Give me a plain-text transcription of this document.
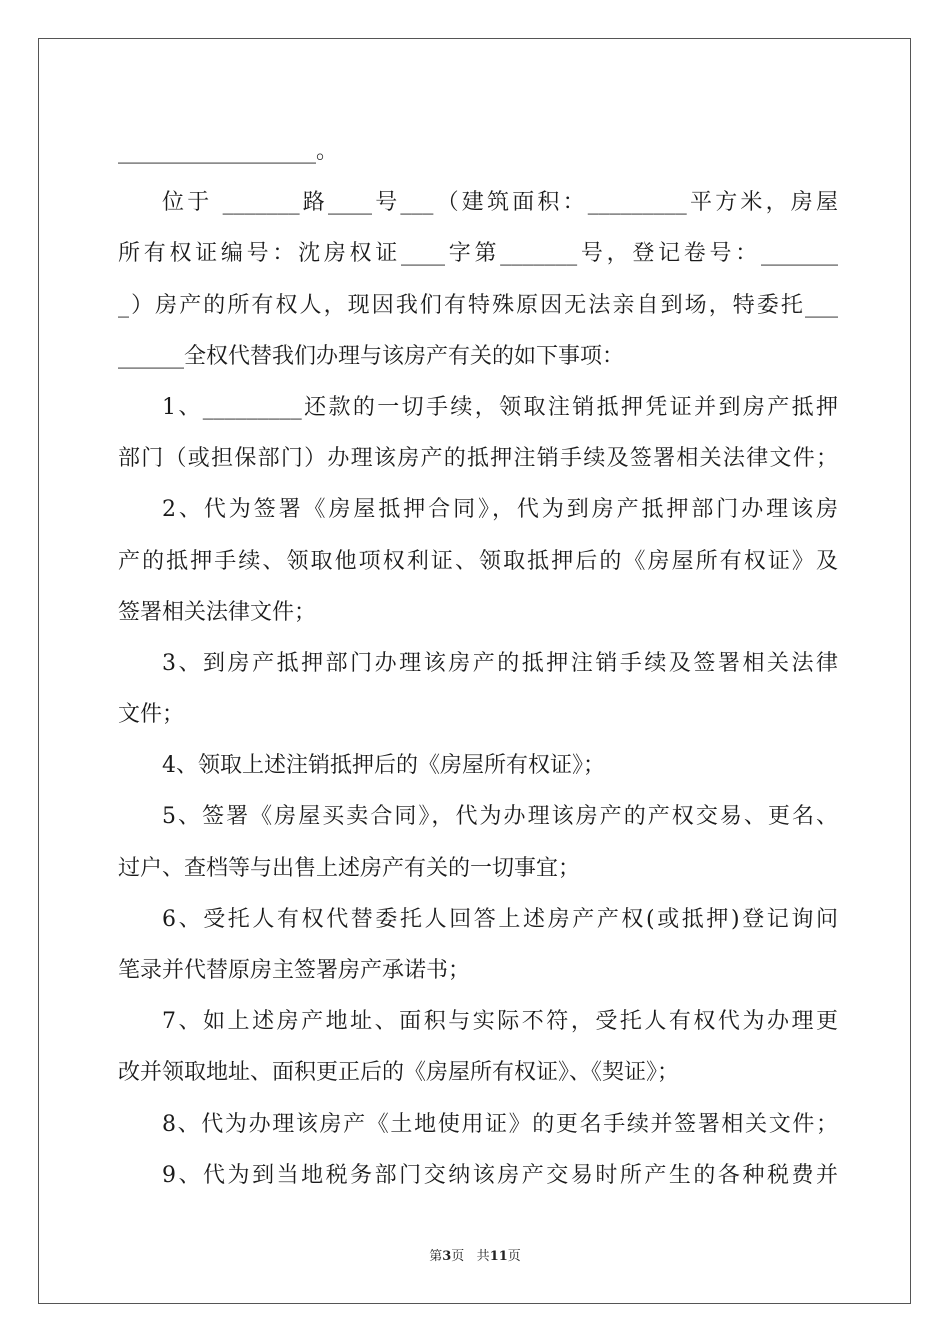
__________________。
位于 _______路____号___（建筑面积：_________平方米，房屋
所有权证编号：沈房权证____字第_______号，登记卷号：_______
_）房产的所有权人，现因我们有特殊原因无法亲自到场，特委托___
______全权代替我们办理与该房产有关的如下事项：
1、_________还款的一切手续，领取注销抵押凭证并到房产抵押
部门（或担保部门）办理该房产的抵押注销手续及签署相关法律文件；
2、代为签署《房屋抵押合同》，代为到房产抵押部门办理该房
产的抵押手续、领取他项权利证、领取抵押后的《房屋所有权证》及
签署相关法律文件；
3、到房产抵押部门办理该房产的抵押注销手续及签署相关法律
文件；
4、领取上述注销抵押后的《房屋所有权证》；
5、签署《房屋买卖合同》，代为办理该房产的产权交易、更名、
过户、查档等与出售上述房产有关的一切事宜；
6、受托人有权代替委托人回答上述房产产权(或抵押)登记询问
笔录并代替原房主签署房产承诺书；
7、如上述房产地址、面积与实际不符，受托人有权代为办理更
改并领取地址、面积更正后的《房屋所有权证》、《契证》；
8、代为办理该房产《土地使用证》的更名手续并签署相关文件；
9、代为到当地税务部门交纳该房产交易时所产生的各种税费并
第3页   共11页
